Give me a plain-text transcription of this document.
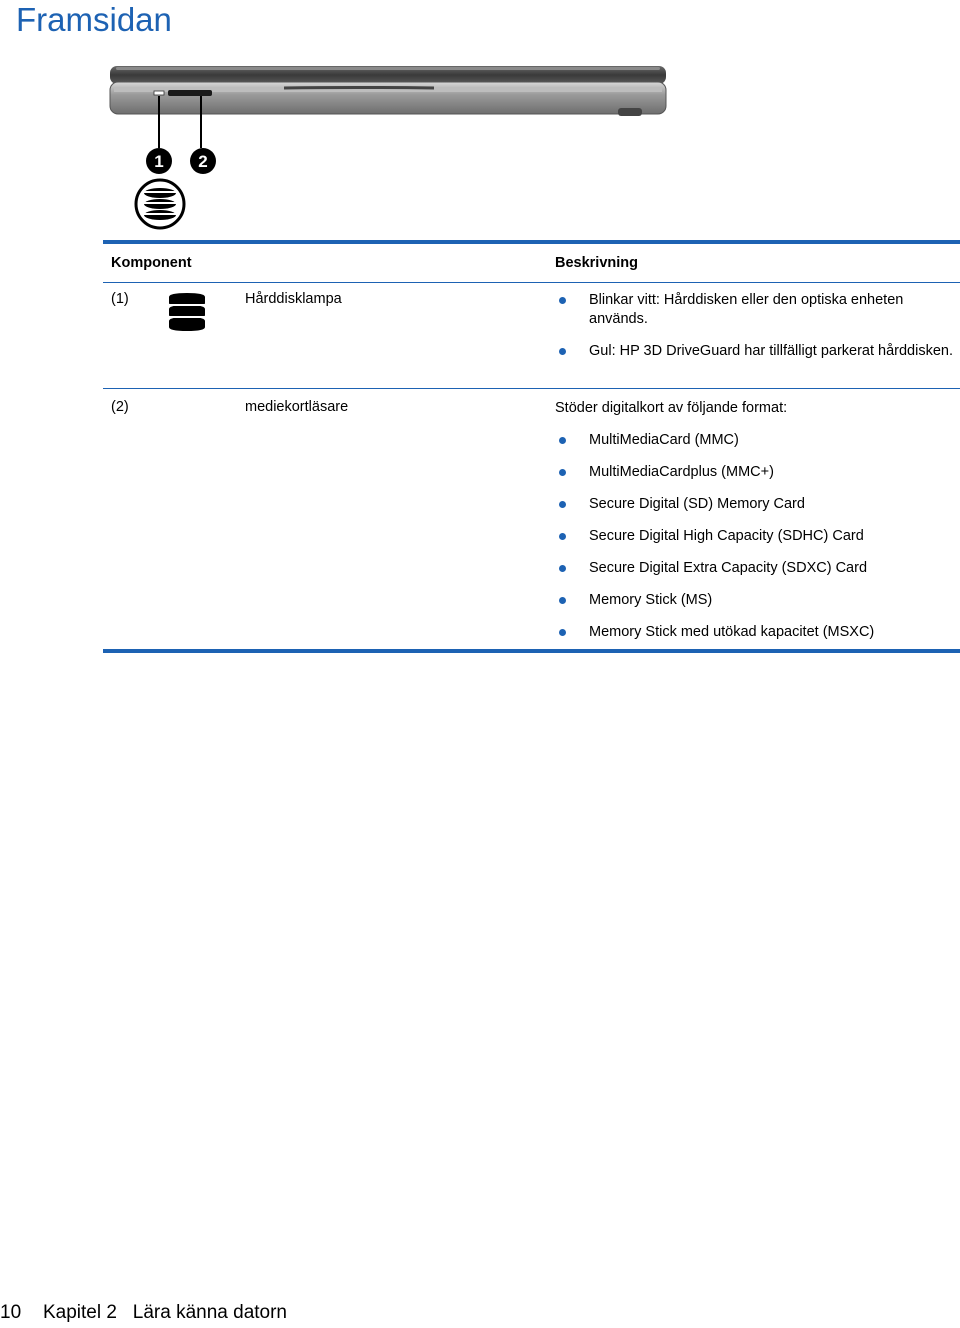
Framsidan
1 2
Komponent	Beskrivning
(1)	Hårddisklampa	Blinkar vitt: Hårddisken eller den optiska enheten används.
Gul: HP 3D DriveGuard har tillfälligt parkerat hårddisken.
(2)	mediekortläsare	Stöder digitalkort av följande format:
MultiMediaCard (MMC)
MultiMediaCardplus (MMC+)
Secure Digital (SD) Memory Card
Secure Digital High Capacity (SDHC) Card
Secure Digital Extra Capacity (SDXC) Card
Memory Stick (MS)
Memory Stick med utökad kapacitet (MSXC)
10 Kapitel 2   Lära känna datorn
